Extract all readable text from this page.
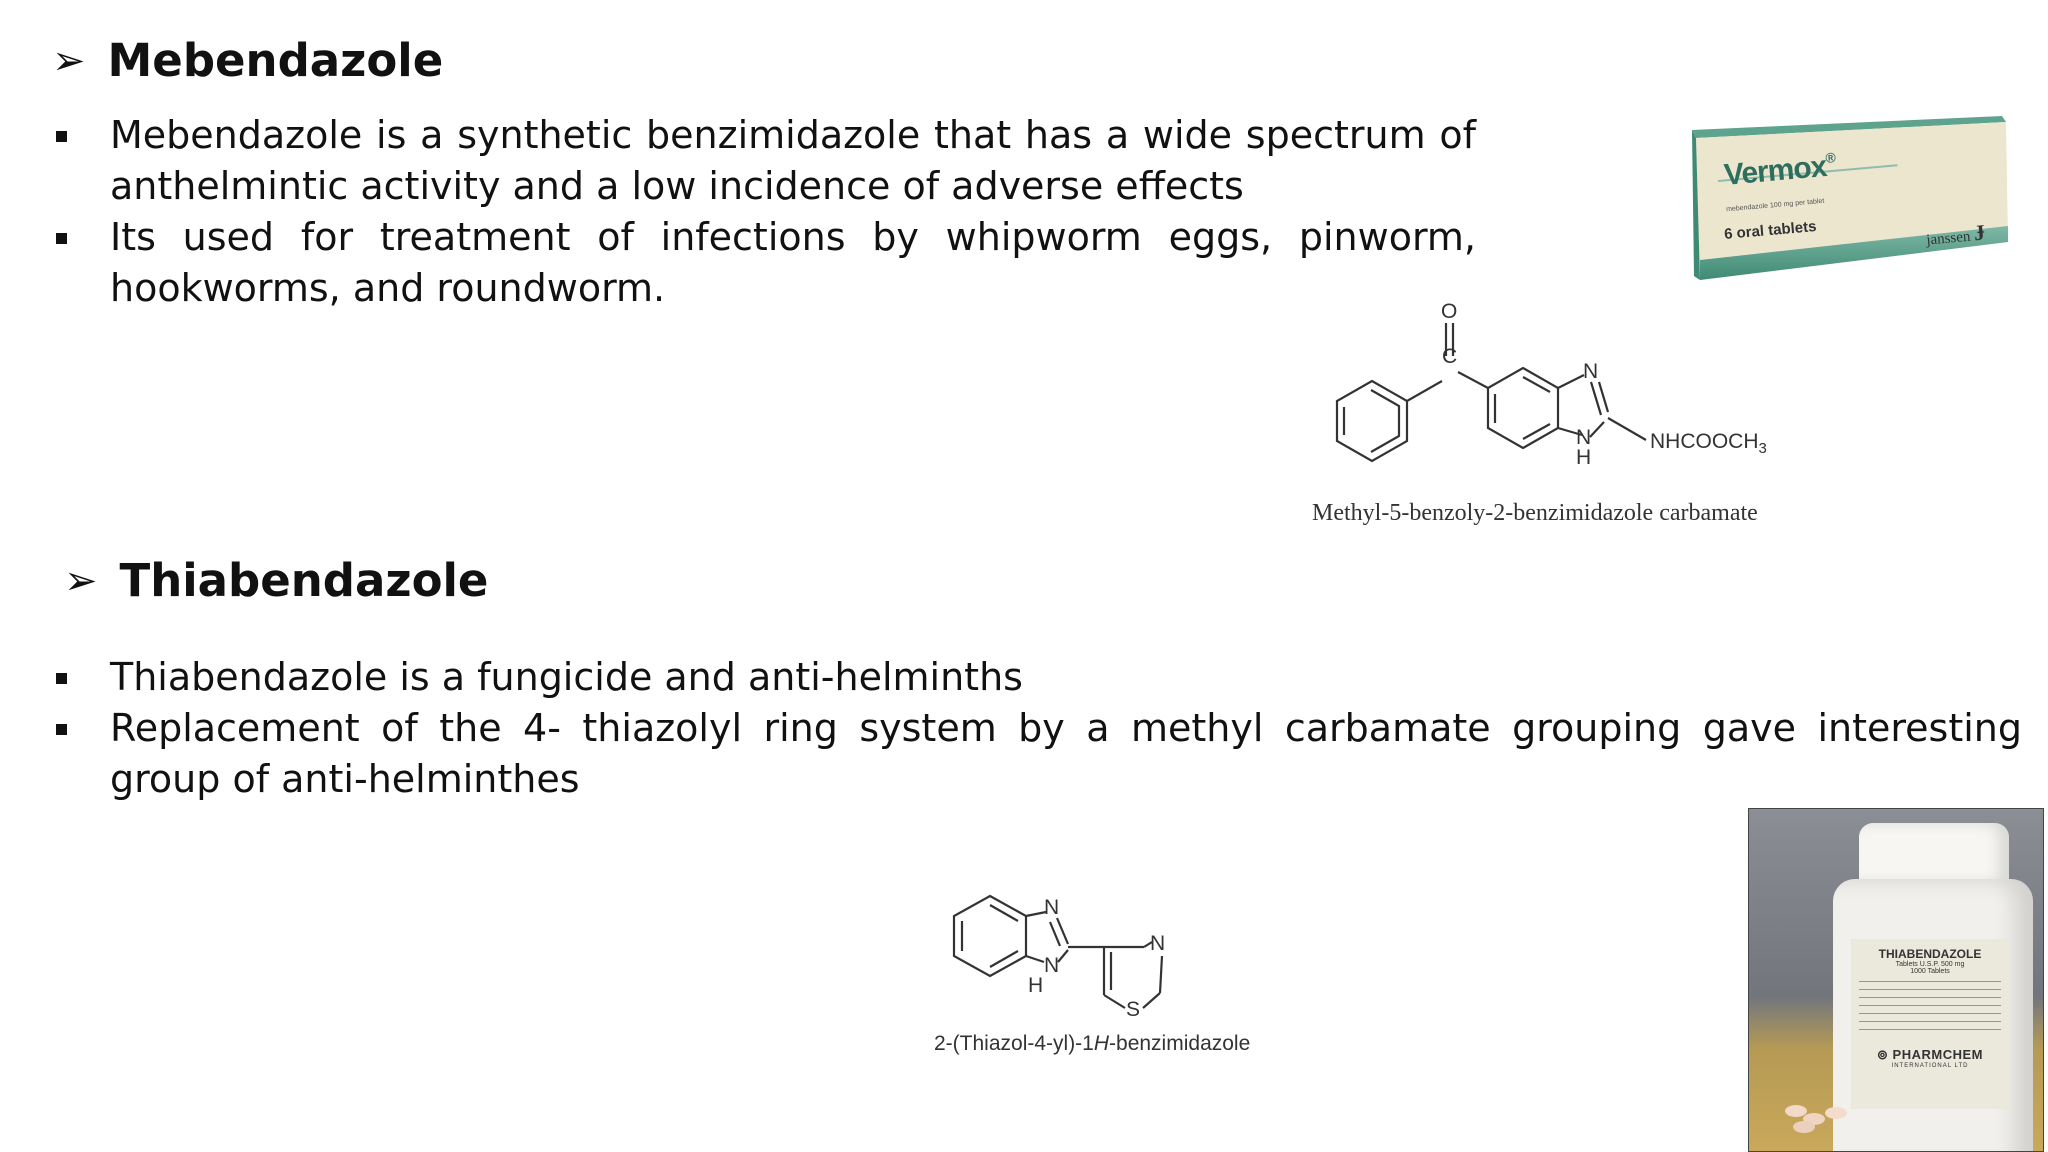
➢ Mebendazole
Mebendazole is a synthetic benzimidazole that has a wide spectrum of anthelmintic activity and a low incidence of adverse effects
Its used for treatment of infections by whipworm eggs, pinworm, hookworms, and roundworm.
Vermox®
mebendazole 100 mg per tablet
6 oral tablets	janssen Ɉ
O
C
N
N
H
$NHCOOCH_3$
Methyl-5-benzoly-2-benzimidazole carbamate
➢ Thiabendazole
Thiabendazole is a fungicide and anti-helminths
Replacement of the 4- thiazolyl ring system by a methyl carbamate grouping gave interesting group of anti-helminthes
N
N
H
N
S
2-(Thiazol-4-yl)-1H-benzimidazole
THIABENDAZOLE
Tablets U.S.P. 500 mg
1000 Tablets
⊚ PHARMCHEM
INTERNATIONAL LTD
